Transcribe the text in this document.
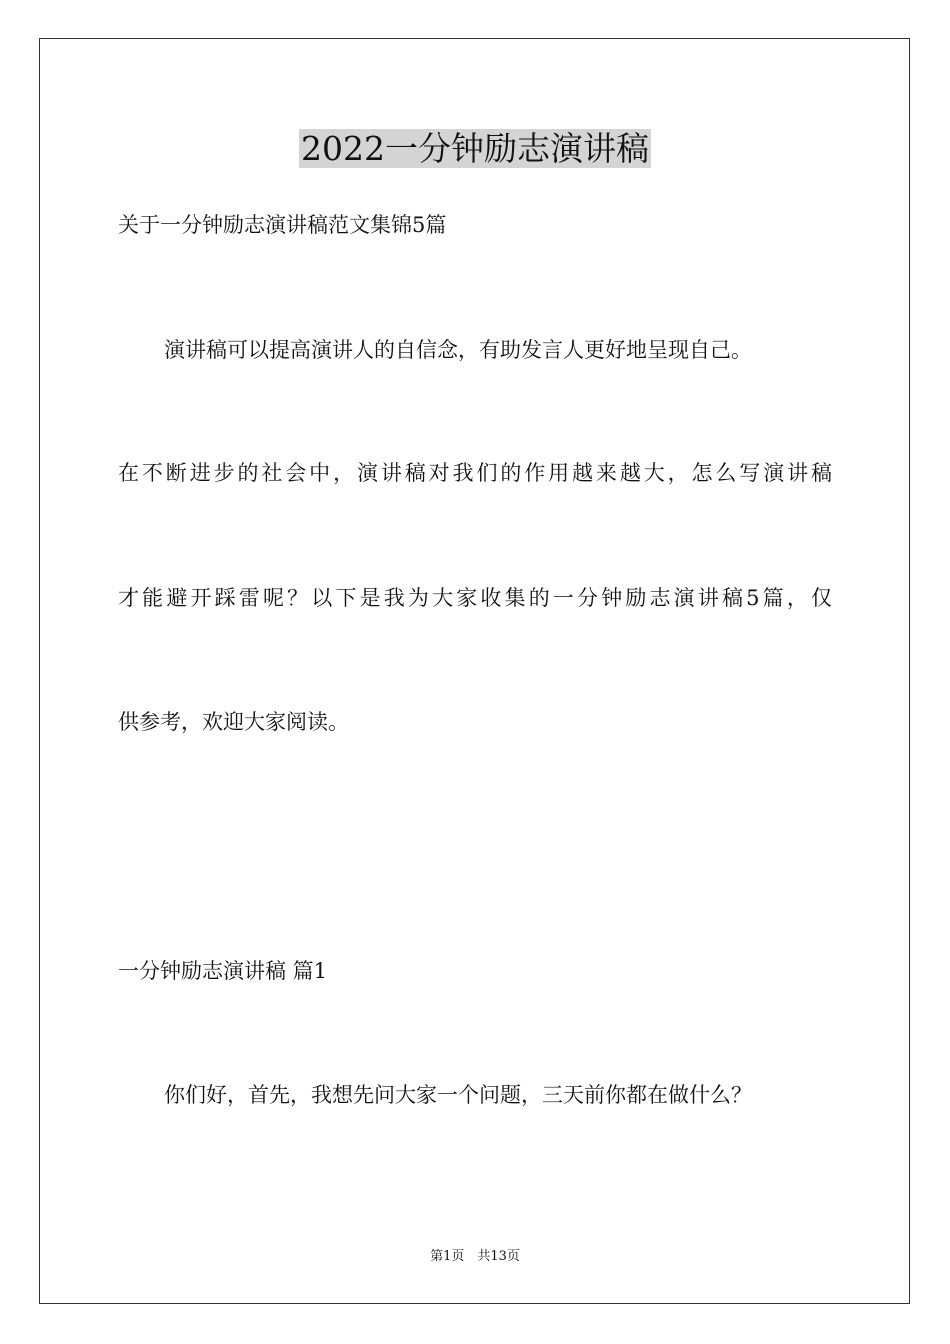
2022一分钟励志演讲稿
关于一分钟励志演讲稿范文集锦5篇
演讲稿可以提高演讲人的自信念，有助发言人更好地呈现自己。
在不断进步的社会中，演讲稿对我们的作用越来越大，怎么写演讲稿
才能避开踩雷呢？以下是我为大家收集的一分钟励志演讲稿5篇，仅
供参考，欢迎大家阅读。
一分钟励志演讲稿 篇1
你们好，首先，我想先问大家一个问题，三天前你都在做什么？
第1页　共13页
